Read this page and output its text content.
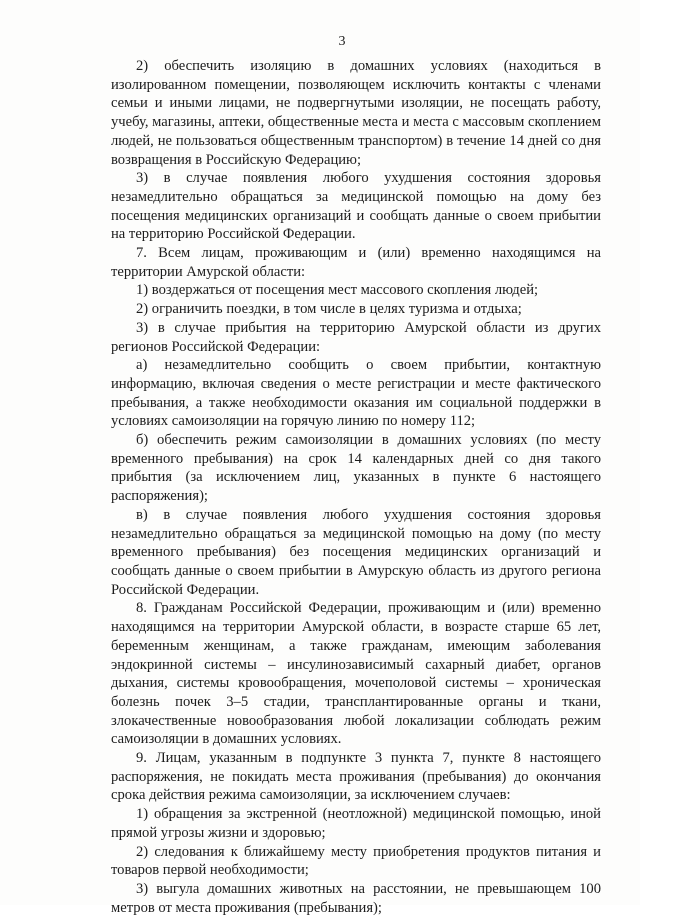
3

2) обеспечить изоляцию в домашних условиях (находиться в изолированном помещении, позволяющем исключить контакты с членами семьи и иными лицами, не подвергнутыми изоляции, не посещать работу, учебу, магазины, аптеки, общественные места и места с массовым скоплением людей, не пользоваться общественным транспортом) в течение 14 дней со дня возвращения в Российскую Федерацию;

3) в случае появления любого ухудшения состояния здоровья незамедлительно обращаться за медицинской помощью на дому без посещения медицинских организаций и сообщать данные о своем прибытии на территорию Российской Федерации.

7. Всем лицам, проживающим и (или) временно находящимся на территории Амурской области:

1) воздержаться от посещения мест массового скопления людей;

2) ограничить поездки, в том числе в целях туризма и отдыха;

3) в случае прибытия на территорию Амурской области из других регионов Российской Федерации:

а) незамедлительно сообщить о своем прибытии, контактную информацию, включая сведения о месте регистрации и месте фактического пребывания, а также необходимости оказания им социальной поддержки в условиях самоизоляции на горячую линию по номеру 112;

б) обеспечить режим самоизоляции в домашних условиях (по месту временного пребывания) на срок 14 календарных дней со дня такого прибытия (за исключением лиц, указанных в пункте 6 настоящего распоряжения);

в) в случае появления любого ухудшения состояния здоровья незамедлительно обращаться за медицинской помощью на дому (по месту временного пребывания) без посещения медицинских организаций и сообщать данные о своем прибытии в Амурскую область из другого региона Российской Федерации.

8. Гражданам Российской Федерации, проживающим и (или) временно находящимся на территории Амурской области, в возрасте старше 65 лет, беременным женщинам, а также гражданам, имеющим заболевания эндокринной системы – инсулинозависимый сахарный диабет, органов дыхания, системы кровообращения, мочеполовой системы – хроническая болезнь почек 3–5 стадии, трансплантированные органы и ткани, злокачественные новообразования любой локализации соблюдать режим самоизоляции в домашних условиях.

9. Лицам, указанным в подпункте 3 пункта 7, пункте 8 настоящего распоряжения, не покидать места проживания (пребывания) до окончания срока действия режима самоизоляции, за исключением случаев:

1) обращения за экстренной (неотложной) медицинской помощью, иной прямой угрозы жизни и здоровью;

2) следования к ближайшему месту приобретения продуктов питания и товаров первой необходимости;

3) выгула домашних животных на расстоянии, не превышающем 100 метров от места проживания (пребывания);
